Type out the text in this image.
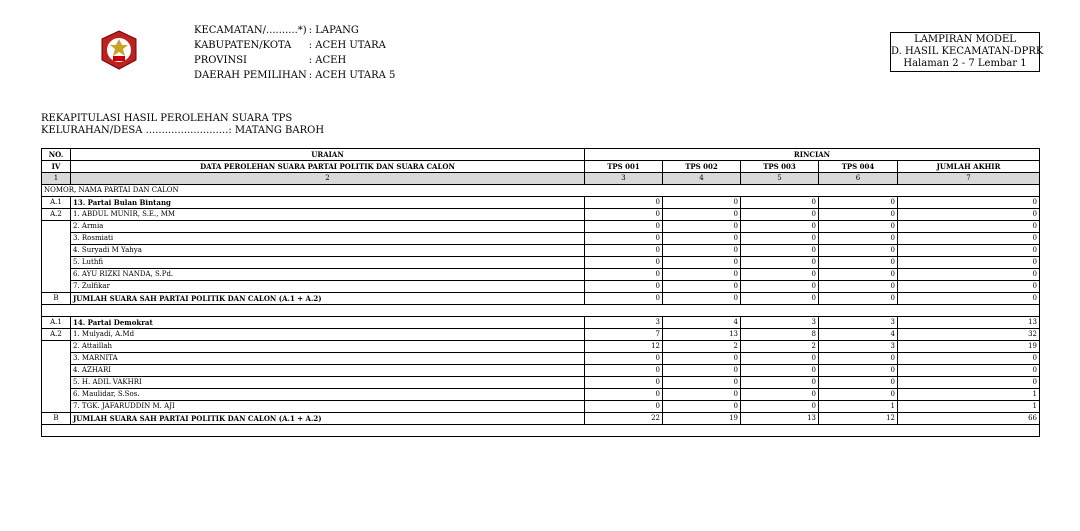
KECAMATAN/..........*)	: LAPANG
KABUPATEN/KOTA	: ACEH UTARA
PROVINSI	: ACEH
DAERAH PEMILIHAN	: ACEH UTARA 5
LAMPIRAN MODEL
D. HASIL KECAMATAN-DPRK
Halaman 2 - 7 Lembar 1
REKAPITULASI HASIL PEROLEHAN SUARA TPS
KELURAHAN/DESA ..........................: MATANG BAROH
NO.	URAIAN	RINCIAN				
IV	DATA PEROLEHAN SUARA PARTAI POLITIK DAN SUARA CALON	TPS 001	TPS 002	TPS 003	TPS 004	JUMLAH AKHIR
1	2	3	4	5	6	7
NOMOR, NAMA PARTAI DAN CALON						
A.1	13. Partai Bulan Bintang	0	0	0	0	0
A.2	1. ABDUL MUNIR, S.E., MM	0	0	0	0	0
	2. Armia	0	0	0	0	0
	3. Rosmiati	0	0	0	0	0
	4. Suryadi M Yahya	0	0	0	0	0
	5. Luthfi	0	0	0	0	0
	6. AYU RIZKI NANDA, S.Pd.	0	0	0	0	0
	7. Zulfikar	0	0	0	0	0
B	JUMLAH SUARA SAH PARTAI POLITIK DAN CALON (A.1 + A.2)	0	0	0	0	0

A.1	14. Partai Demokrat	3	4	3	3	13
A.2	1. Mulyadi, A.Md	7	13	8	4	32
	2. Attaillah	12	2	2	3	19
	3. MARNITA	0	0	0	0	0
	4. AZHARI	0	0	0	0	0
	5. H. ADIL VAKHRI	0	0	0	0	0
	6. Maulidar, S.Sos.	0	0	0	0	1
	7. TGK. JAFARUDDIN M. AJI	0	0	0	1	1
B	JUMLAH SUARA SAH PARTAI POLITIK DAN CALON (A.1 + A.2)	22	19	13	12	66
